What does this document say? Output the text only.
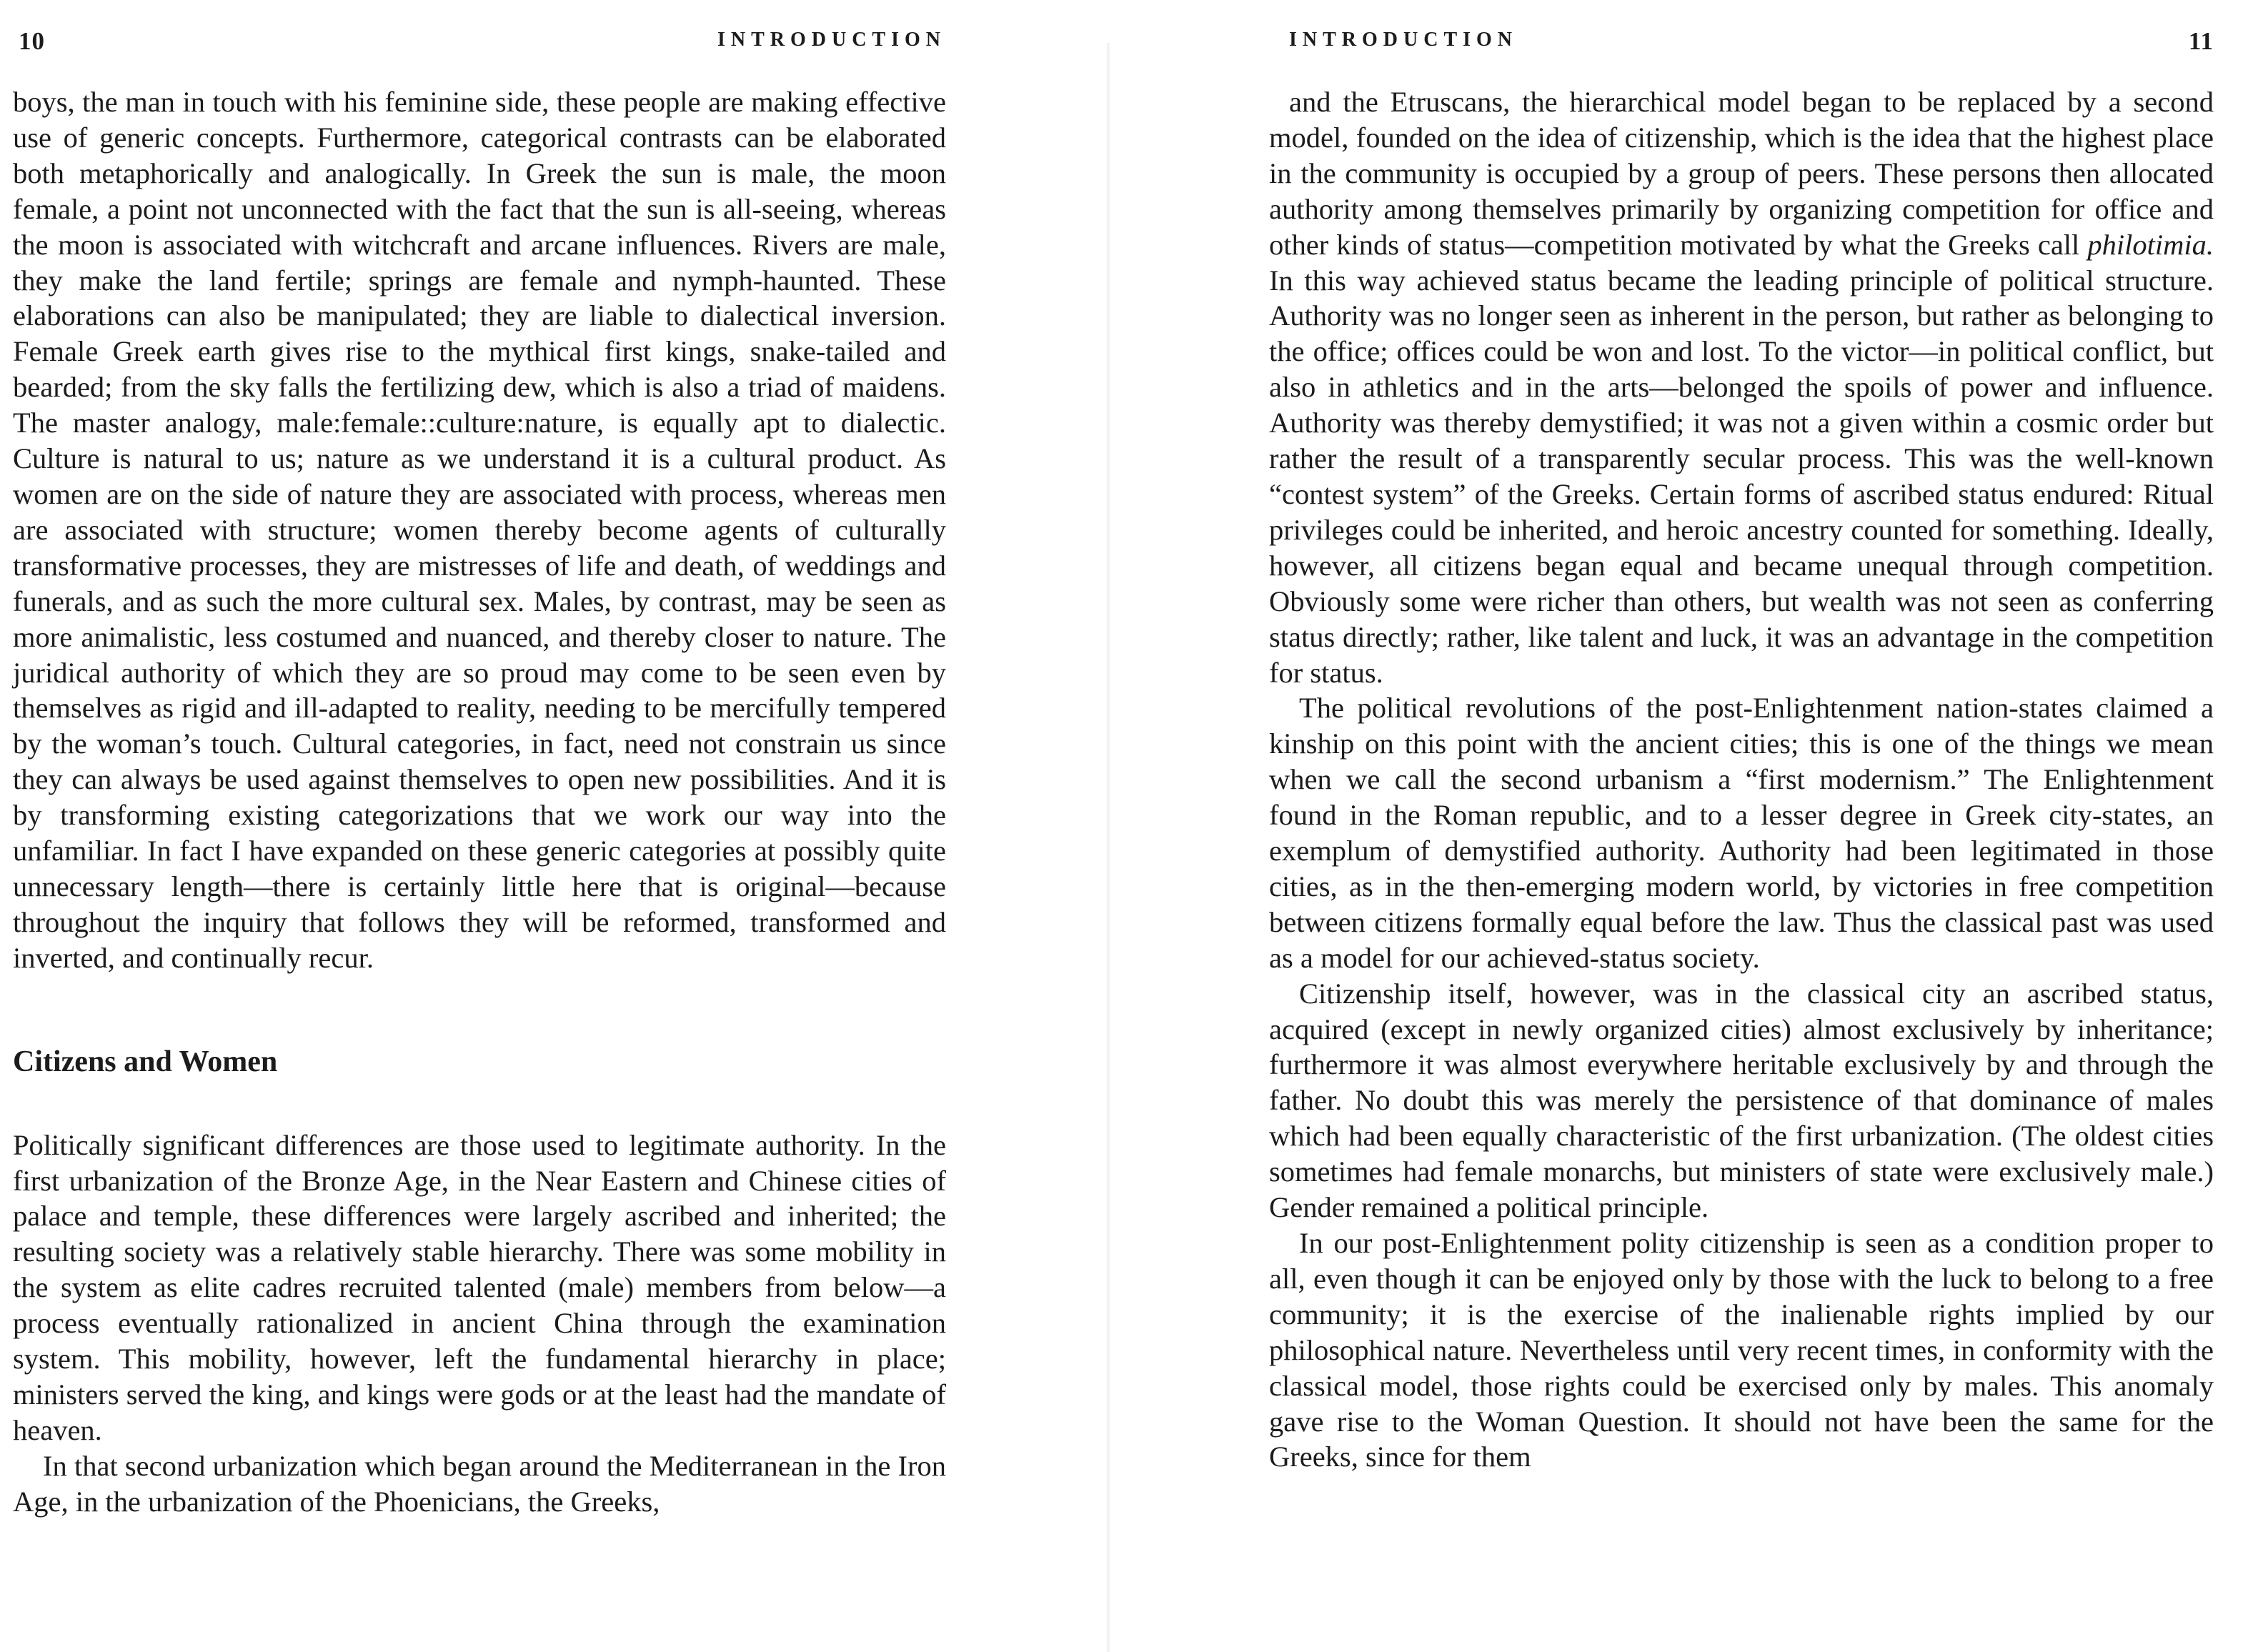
10	INTRODUCTION

boys, the man in touch with his feminine side, these people are making effective use of generic concepts. Furthermore, categorical contrasts can be elaborated both metaphorically and analogically. In Greek the sun is male, the moon female, a point not unconnected with the fact that the sun is all-seeing, whereas the moon is associated with witchcraft and arcane influences. Rivers are male, they make the land fertile; springs are female and nymph-haunted. These elaborations can also be manipulated; they are liable to dialectical inversion. Female Greek earth gives rise to the mythical first kings, snake-tailed and bearded; from the sky falls the fertilizing dew, which is also a triad of maidens. The master analogy, male:female::culture:nature, is equally apt to dialectic. Culture is natural to us; nature as we understand it is a cultural product. As women are on the side of nature they are associated with process, whereas men are associated with structure; women thereby become agents of culturally transformative processes, they are mistresses of life and death, of weddings and funerals, and as such the more cultural sex. Males, by contrast, may be seen as more animalistic, less costumed and nuanced, and thereby closer to nature. The juridical authority of which they are so proud may come to be seen even by themselves as rigid and ill-adapted to reality, needing to be mercifully tempered by the woman’s touch. Cultural categories, in fact, need not constrain us since they can always be used against themselves to open new possibilities. And it is by transforming existing categorizations that we work our way into the unfamiliar. In fact I have expanded on these generic categories at possibly quite unnecessary length—there is certainly little here that is original—because throughout the inquiry that follows they will be reformed, transformed and inverted, and continually recur.

Citizens and Women

Politically significant differences are those used to legitimate authority. In the first urbanization of the Bronze Age, in the Near Eastern and Chinese cities of palace and temple, these differences were largely ascribed and inherited; the resulting society was a relatively stable hierarchy. There was some mobility in the system as elite cadres recruited talented (male) members from below—a process eventually rationalized in ancient China through the examination system. This mobility, however, left the fundamental hierarchy in place; ministers served the king, and kings were gods or at the least had the mandate of heaven.

In that second urbanization which began around the Mediterranean in the Iron Age, in the urbanization of the Phoenicians, the Greeks,

INTRODUCTION	11

and the Etruscans, the hierarchical model began to be replaced by a second model, founded on the idea of citizenship, which is the idea that the highest place in the community is occupied by a group of peers. These persons then allocated authority among themselves primarily by organizing competition for office and other kinds of status—competition motivated by what the Greeks call philotimia. In this way achieved status became the leading principle of political structure. Authority was no longer seen as inherent in the person, but rather as belonging to the office; offices could be won and lost. To the victor—in political conflict, but also in athletics and in the arts—belonged the spoils of power and influence. Authority was thereby demystified; it was not a given within a cosmic order but rather the result of a transparently secular process. This was the well-known “contest system” of the Greeks. Certain forms of ascribed status endured: Ritual privileges could be inherited, and heroic ancestry counted for something. Ideally, however, all citizens began equal and became unequal through competition. Obviously some were richer than others, but wealth was not seen as conferring status directly; rather, like talent and luck, it was an advantage in the competition for status.

The political revolutions of the post-Enlightenment nation-states claimed a kinship on this point with the ancient cities; this is one of the things we mean when we call the second urbanism a “first modernism.” The Enlightenment found in the Roman republic, and to a lesser degree in Greek city-states, an exemplum of demystified authority. Authority had been legitimated in those cities, as in the then-emerging modern world, by victories in free competition between citizens formally equal before the law. Thus the classical past was used as a model for our achieved-status society.

Citizenship itself, however, was in the classical city an ascribed status, acquired (except in newly organized cities) almost exclusively by inheritance; furthermore it was almost everywhere heritable exclusively by and through the father. No doubt this was merely the persistence of that dominance of males which had been equally characteristic of the first urbanization. (The oldest cities sometimes had female monarchs, but ministers of state were exclusively male.) Gender remained a political principle.

In our post-Enlightenment polity citizenship is seen as a condition proper to all, even though it can be enjoyed only by those with the luck to belong to a free community; it is the exercise of the inalienable rights implied by our philosophical nature. Nevertheless until very recent times, in conformity with the classical model, those rights could be exercised only by males. This anomaly gave rise to the Woman Question. It should not have been the same for the Greeks, since for them
